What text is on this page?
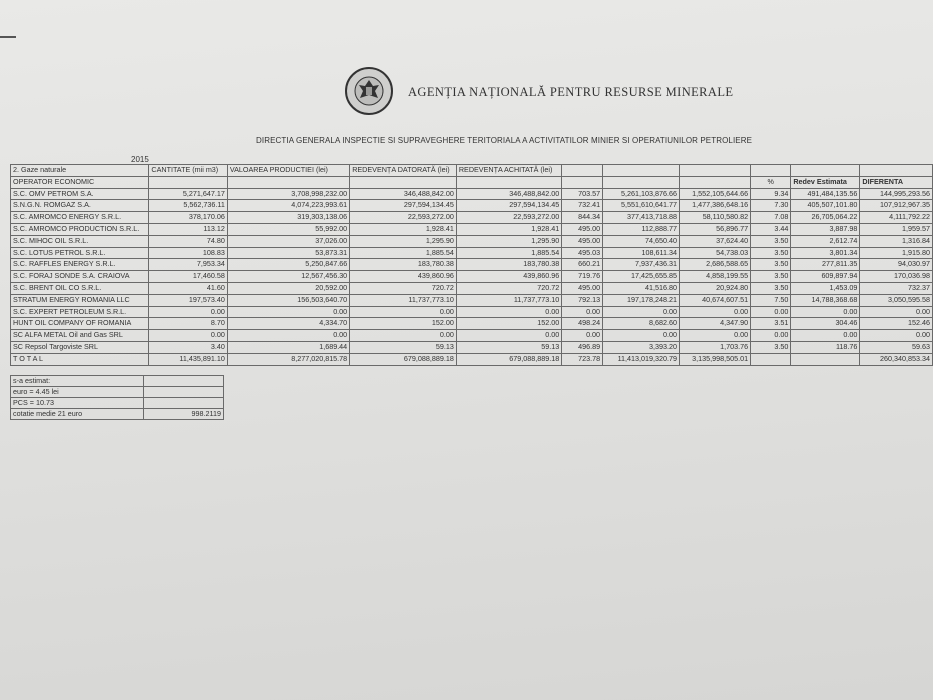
AGENȚIA NAȚIONALĂ PENTRU RESURSE MINERALE
DIRECTIA GENERALA INSPECTIE SI SUPRAVEGHERE TERITORIALA A ACTIVITATILOR MINIER SI OPERATIUNILOR PETROLIERE
2015
2. Gaze naturale	CANTITATE (mii m3)	VALOAREA PRODUCTIEI (lei)	REDEVENȚA DATORATĂ (lei)	REDEVENȚA ACHITATĂ (lei)						
OPERATOR ECONOMIC								%	Redev Estimata	DIFERENTA
S.C. OMV PETROM S.A.	5,271,647.17	3,708,998,232.00	346,488,842.00	346,488,842.00	703.57	5,261,103,876.66	1,552,105,644.66	9.34	491,484,135.56	144,995,293.56
S.N.G.N. ROMGAZ S.A.	5,562,736.11	4,074,223,993.61	297,594,134.45	297,594,134.45	732.41	5,551,610,641.77	1,477,386,648.16	7.30	405,507,101.80	107,912,967.35
S.C. AMROMCO ENERGY S.R.L.	378,170.06	319,303,138.06	22,593,272.00	22,593,272.00	844.34	377,413,718.88	58,110,580.82	7.08	26,705,064.22	4,111,792.22
S.C. AMROMCO PRODUCTION S.R.L.	113.12	55,992.00	1,928.41	1,928.41	495.00	112,888.77	56,896.77	3.44	3,887.98	1,959.57
S.C. MIHOC OIL S.R.L.	74.80	37,026.00	1,295.90	1,295.90	495.00	74,650.40	37,624.40	3.50	2,612.74	1,316.84
S.C. LOTUS PETROL S.R.L.	108.83	53,873.31	1,885.54	1,885.54	495.03	108,611.34	54,738.03	3.50	3,801.34	1,915.80
S.C. RAFFLES ENERGY S.R.L.	7,953.34	5,250,847.66	183,780.38	183,780.38	660.21	7,937,436.31	2,686,588.65	3.50	277,811.35	94,030.97
S.C. FORAJ SONDE S.A. CRAIOVA	17,460.58	12,567,456.30	439,860.96	439,860.96	719.76	17,425,655.85	4,858,199.55	3.50	609,897.94	170,036.98
S.C. BRENT OIL CO S.R.L.	41.60	20,592.00	720.72	720.72	495.00	41,516.80	20,924.80	3.50	1,453.09	732.37
STRATUM ENERGY ROMANIA LLC	197,573.40	156,503,640.70	11,737,773.10	11,737,773.10	792.13	197,178,248.21	40,674,607.51	7.50	14,788,368.68	3,050,595.58
S.C. EXPERT PETROLEUM S.R.L.	0.00	0.00	0.00	0.00	0.00	0.00	0.00	0.00	0.00	0.00
HUNT OIL COMPANY OF ROMANIA	8.70	4,334.70	152.00	152.00	498.24	8,682.60	4,347.90	3.51	304.46	152.46
SC ALFA METAL Oil and Gas SRL	0.00	0.00	0.00	0.00	0.00	0.00	0.00	0.00	0.00	0.00
SC Repsol Targoviste SRL	3.40	1,689.44	59.13	59.13	496.89	3,393.20	1,703.76	3.50	118.76	59.63
T O T A L	11,435,891.10	8,277,020,815.78	679,088,889.18	679,088,889.18	723.78	11,413,019,320.79	3,135,998,505.01			260,340,853.34
s-a estimat:	
euro = 4.45 lei	
PCS = 10.73	
cotatie medie 21 euro	998.2119
